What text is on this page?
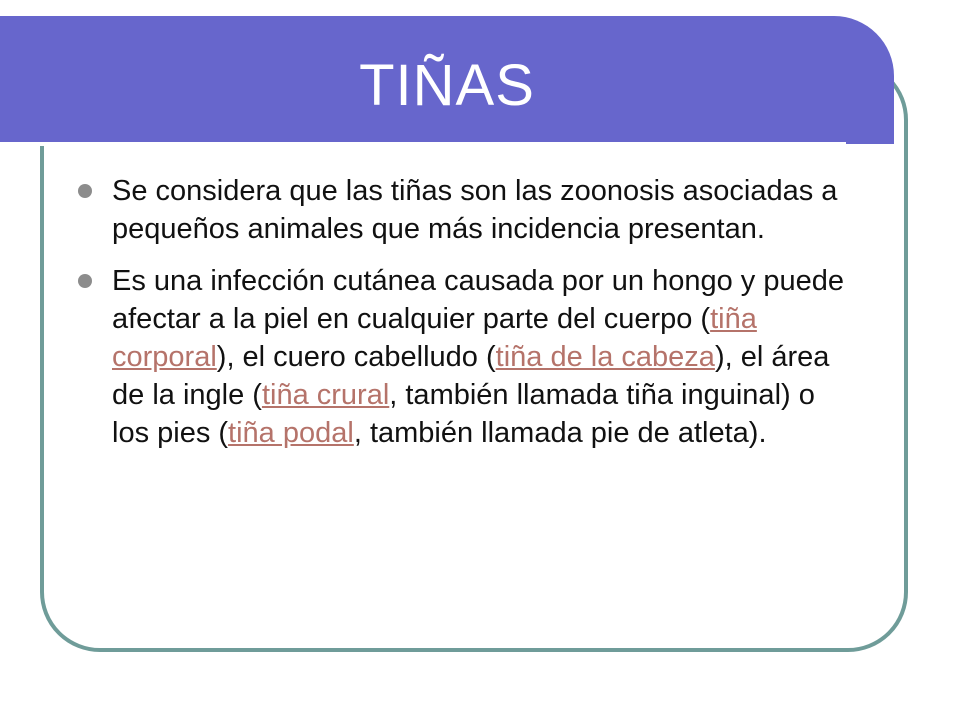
TIÑAS
Se considera que las tiñas son las zoonosis asociadas a pequeños animales que más incidencia presentan.
Es una infección cutánea causada por un hongo y puede afectar a la piel en cualquier parte del cuerpo (tiña corporal), el cuero cabelludo (tiña de la cabeza), el área de la ingle (tiña crural, también llamada tiña inguinal) o los pies (tiña podal, también llamada pie de atleta).
